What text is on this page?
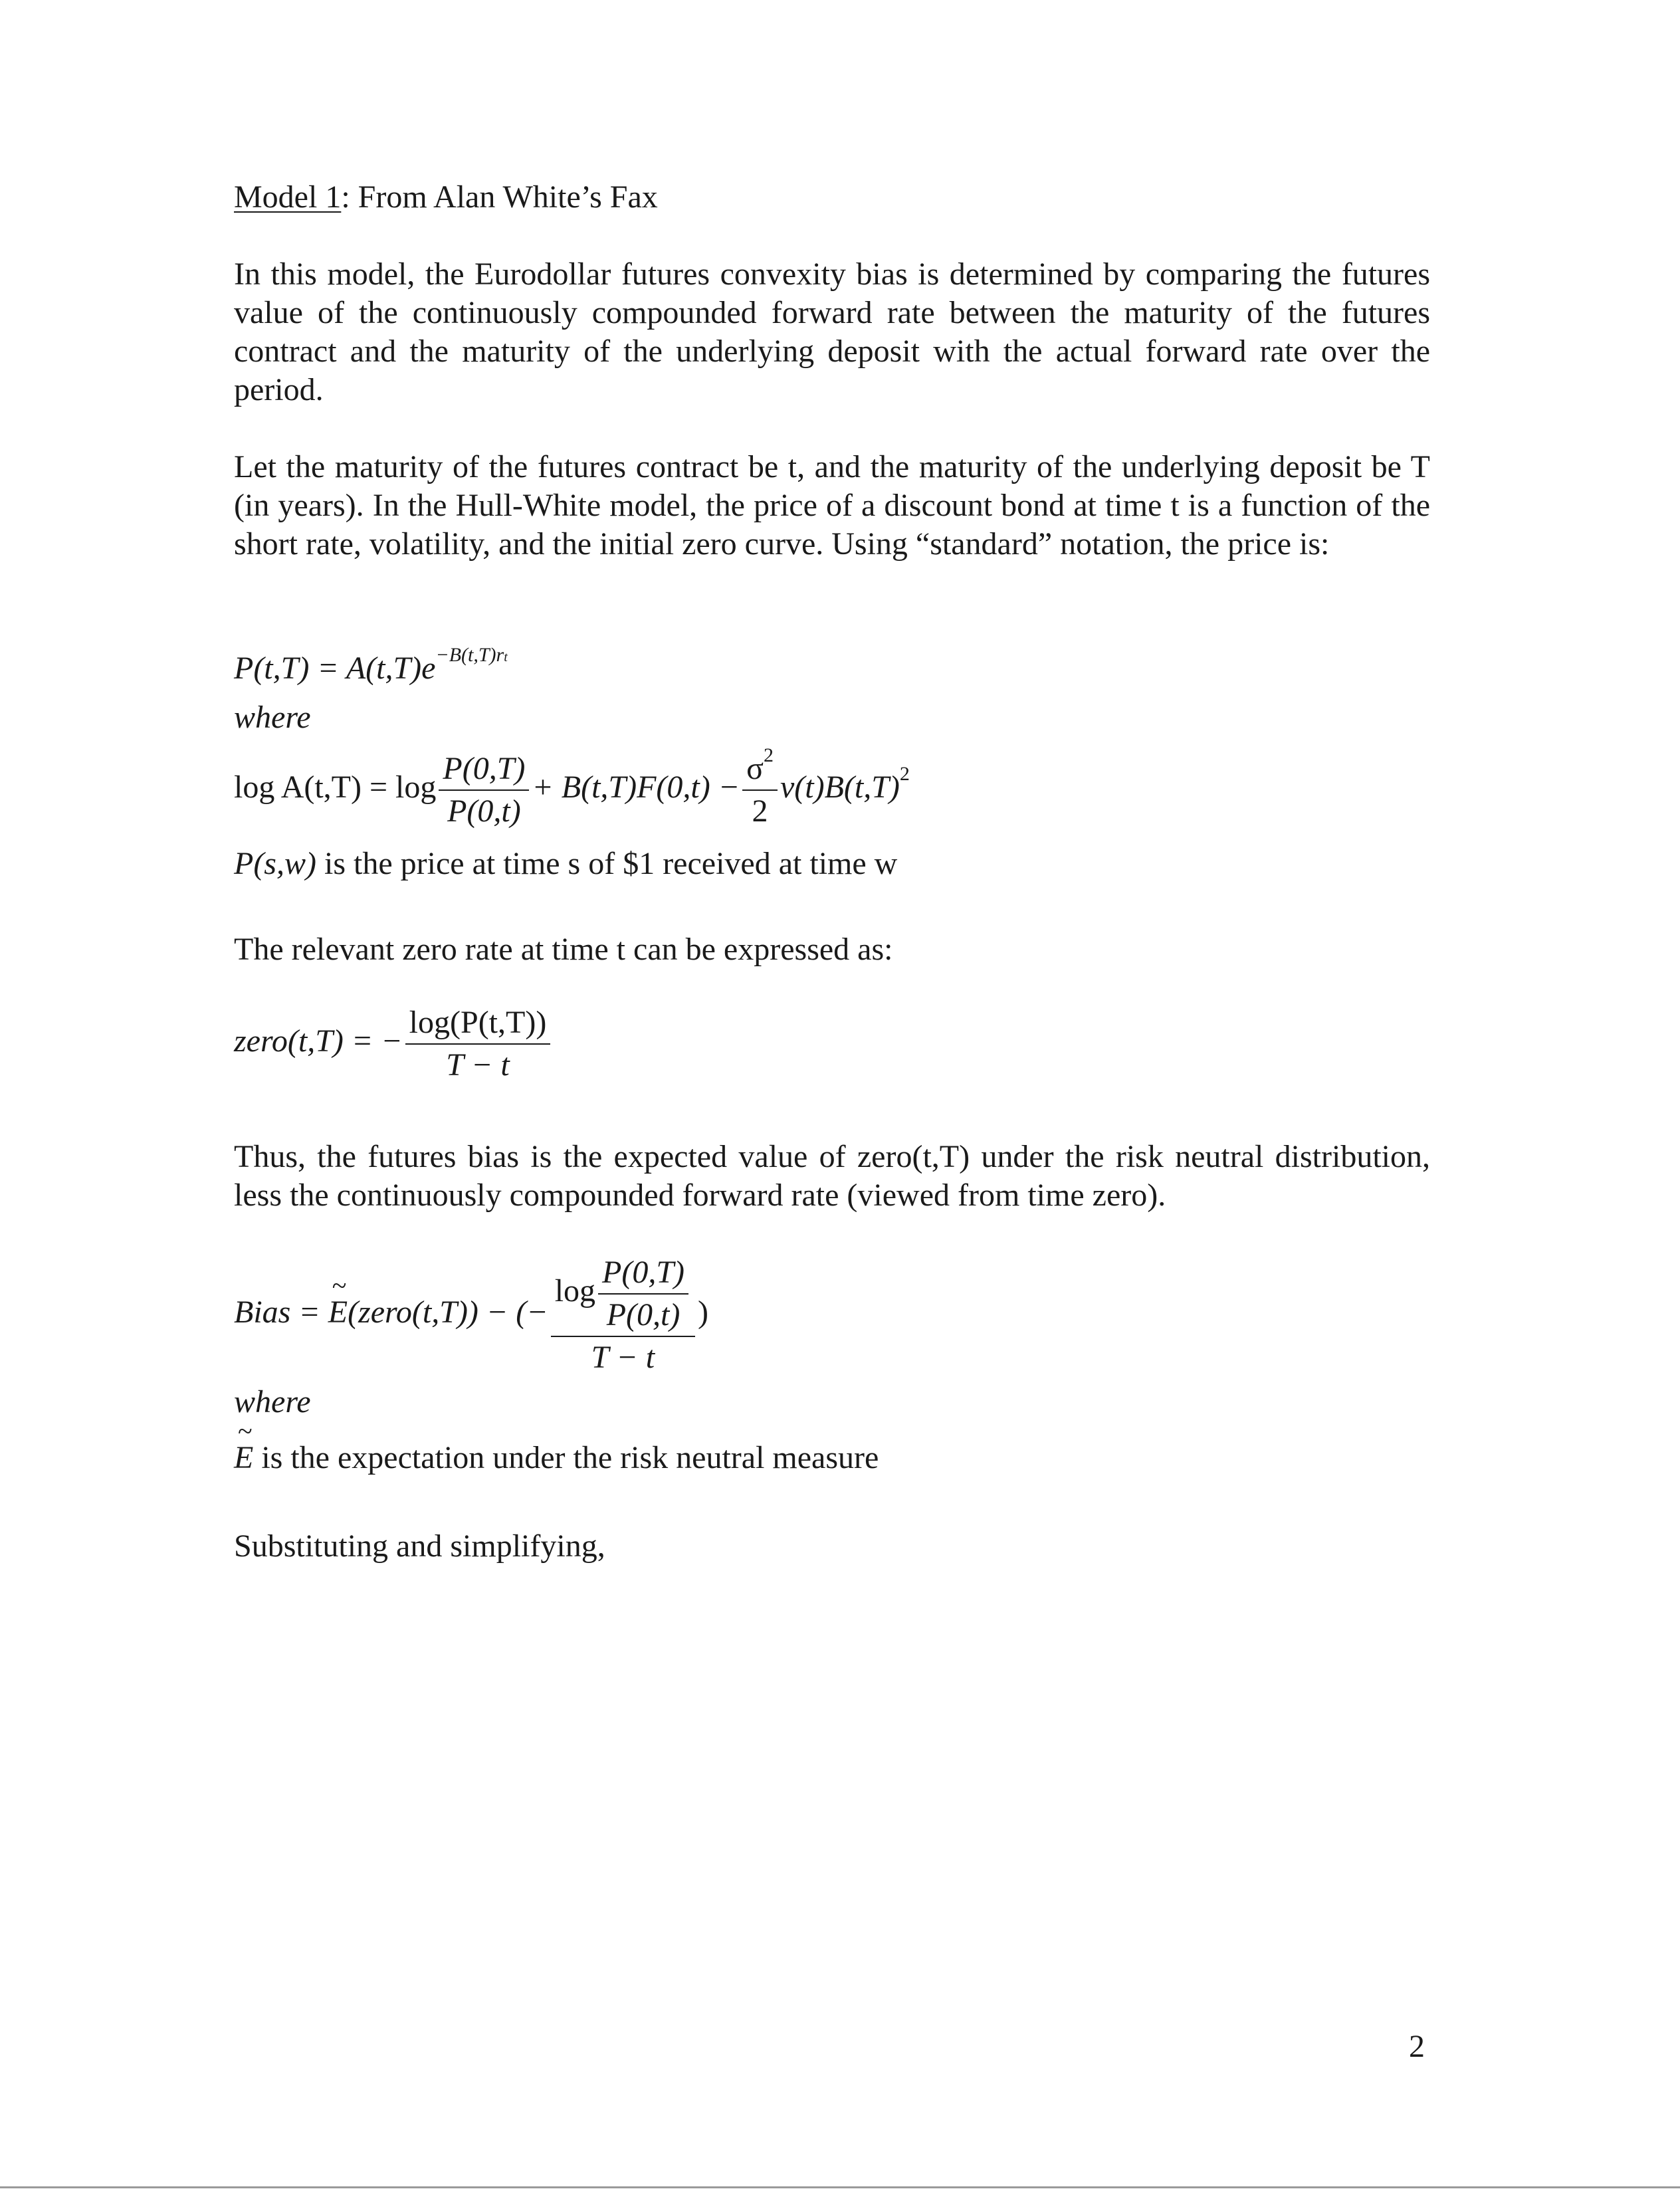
Model 1: From Alan White’s Fax
In this model, the Eurodollar futures convexity bias is determined by comparing the futures value of the continuously compounded forward rate between the maturity of the futures contract and the maturity of the underlying deposit with the actual forward rate over the period.
Let the maturity of the futures contract be t, and the maturity of the underlying deposit be T (in years). In the Hull-White model, the price of a discount bond at time t is a function of the short rate, volatility, and the initial zero curve. Using “standard” notation, the price is:
$P(t,T) = A(t,T)e^{-B(t,T)rt}$
where
$\log A(t,T) = \log \frac{P(0,T)}{P(0,t)} + B(t,T)F(0,t) - \frac{\sigma^2}{2} v(t)B(t,T)^2$
P(s,w) is the price at time s of $1 received at time w
The relevant zero rate at time t can be expressed as:
zero(t,T) = − $\frac{\log(P(t,T))}{T - t}$
Thus, the futures bias is the expected value of zero(t,T) under the risk neutral distribution, less the continuously compounded forward rate (viewed from time zero).
Bias = ~ E(zero(t,T)) − (− $\frac{\log \frac{P(0,T)}{P(0,t)}}{T - t}$ )
where
~ E is the expectation under the risk neutral measure
Substituting and simplifying,
2
